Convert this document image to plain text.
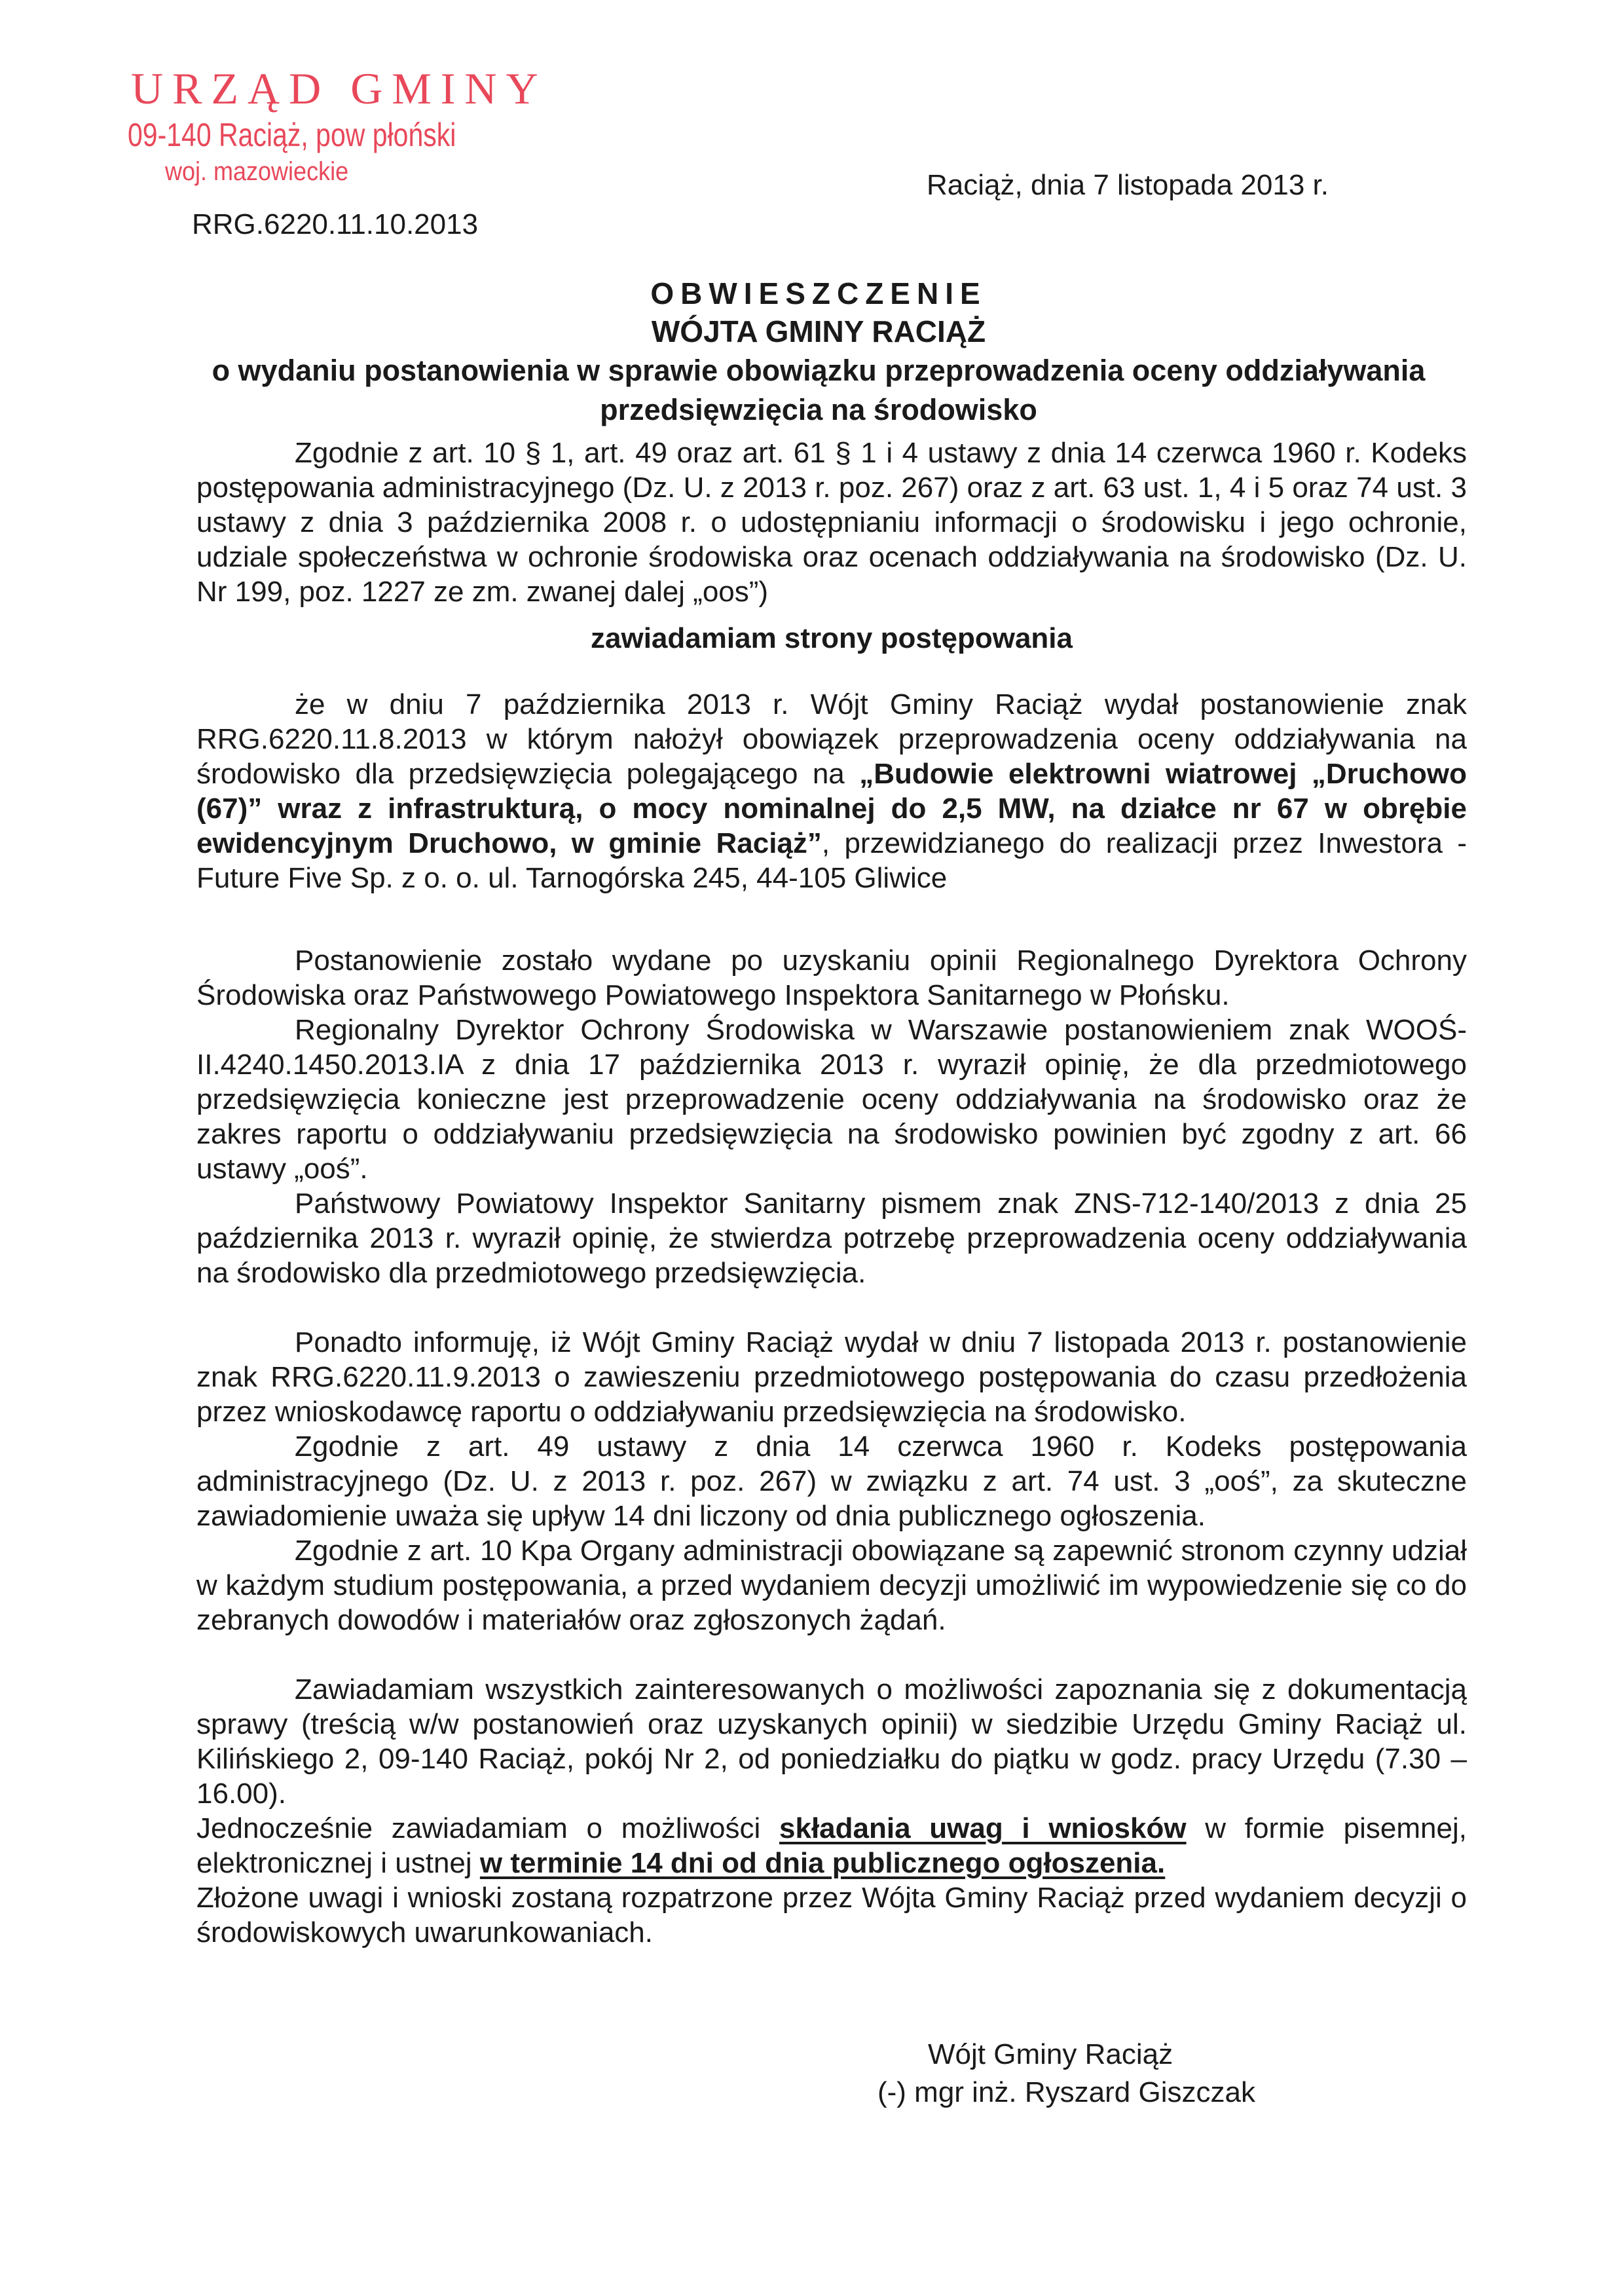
URZĄD GMINY
09-140 Raciąż, pow płoński
woj. mazowieckie
RRG.6220.11.10.2013
Raciąż, dnia 7 listopada 2013 r.
OBWIESZCZENIE
WÓJTA GMINY RACIĄŻ
o wydaniu postanowienia w sprawie obowiązku przeprowadzenia oceny oddziaływania przedsięwzięcia na środowisko

Zgodnie z art. 10 § 1, art. 49 oraz art. 61 § 1 i 4 ustawy z dnia 14 czerwca 1960 r. Kodeks postępowania administracyjnego (Dz. U. z 2013 r. poz. 267) oraz z art. 63 ust. 1, 4 i 5 oraz 74 ust. 3 ustawy z dnia 3 października 2008 r. o udostępnianiu informacji o środowisku i jego ochronie, udziale społeczeństwa w ochronie środowiska oraz ocenach oddziaływania na środowisko (Dz. U. Nr 199, poz. 1227 ze zm. zwanej dalej „oos”)

zawiadamiam strony postępowania

że w dniu 7 października 2013 r. Wójt Gminy Raciąż wydał postanowienie znak RRG.6220.11.8.2013 w którym nałożył obowiązek przeprowadzenia oceny oddziaływania na środowisko dla przedsięwzięcia polegającego na „Budowie elektrowni wiatrowej „Druchowo (67)” wraz z infrastrukturą, o mocy nominalnej do 2,5 MW, na działce nr 67 w obrębie ewidencyjnym Druchowo, w gminie Raciąż”, przewidzianego do realizacji przez Inwestora - Future Five Sp. z o. o. ul. Tarnogórska 245, 44-105 Gliwice

Postanowienie zostało wydane po uzyskaniu opinii Regionalnego Dyrektora Ochrony Środowiska oraz Państwowego Powiatowego Inspektora Sanitarnego w Płońsku.

Regionalny Dyrektor Ochrony Środowiska w Warszawie postanowieniem znak WOOŚ-II.4240.1450.2013.IA z dnia 17 października 2013 r. wyraził opinię, że dla przedmiotowego przedsięwzięcia konieczne jest przeprowadzenie oceny oddziaływania na środowisko oraz że zakres raportu o oddziaływaniu przedsięwzięcia na środowisko powinien być zgodny z art. 66 ustawy „ooś”.

Państwowy Powiatowy Inspektor Sanitarny pismem znak ZNS-712-140/2013 z dnia 25 października 2013 r. wyraził opinię, że stwierdza potrzebę przeprowadzenia oceny oddziaływania na środowisko dla przedmiotowego przedsięwzięcia.

Ponadto informuję, iż Wójt Gminy Raciąż wydał w dniu 7 listopada 2013 r. postanowienie znak RRG.6220.11.9.2013 o zawieszeniu przedmiotowego postępowania do czasu przedłożenia przez wnioskodawcę raportu o oddziaływaniu przedsięwzięcia na środowisko.

Zgodnie z art. 49 ustawy z dnia 14 czerwca 1960 r. Kodeks postępowania administracyjnego (Dz. U. z 2013 r. poz. 267) w związku z art. 74 ust. 3 „ooś”, za skuteczne zawiadomienie uważa się upływ 14 dni liczony od dnia publicznego ogłoszenia.

Zgodnie z art. 10 Kpa Organy administracji obowiązane są zapewnić stronom czynny udział w każdym studium postępowania, a przed wydaniem decyzji umożliwić im wypowiedzenie się co do zebranych dowodów i materiałów oraz zgłoszonych żądań.

Zawiadamiam wszystkich zainteresowanych o możliwości zapoznania się z dokumentacją sprawy (treścią w/w postanowień oraz uzyskanych opinii) w siedzibie Urzędu Gminy Raciąż ul. Kilińskiego 2, 09-140 Raciąż, pokój Nr 2, od poniedziałku do piątku w godz. pracy Urzędu (7.30 – 16.00).

Jednocześnie zawiadamiam o możliwości składania uwag i wniosków w formie pisemnej, elektronicznej i ustnej w terminie 14 dni od dnia publicznego ogłoszenia.

Złożone uwagi i wnioski zostaną rozpatrzone przez Wójta Gminy Raciąż przed wydaniem decyzji o środowiskowych uwarunkowaniach.

Wójt Gminy Raciąż
(-) mgr inż. Ryszard Giszczak
